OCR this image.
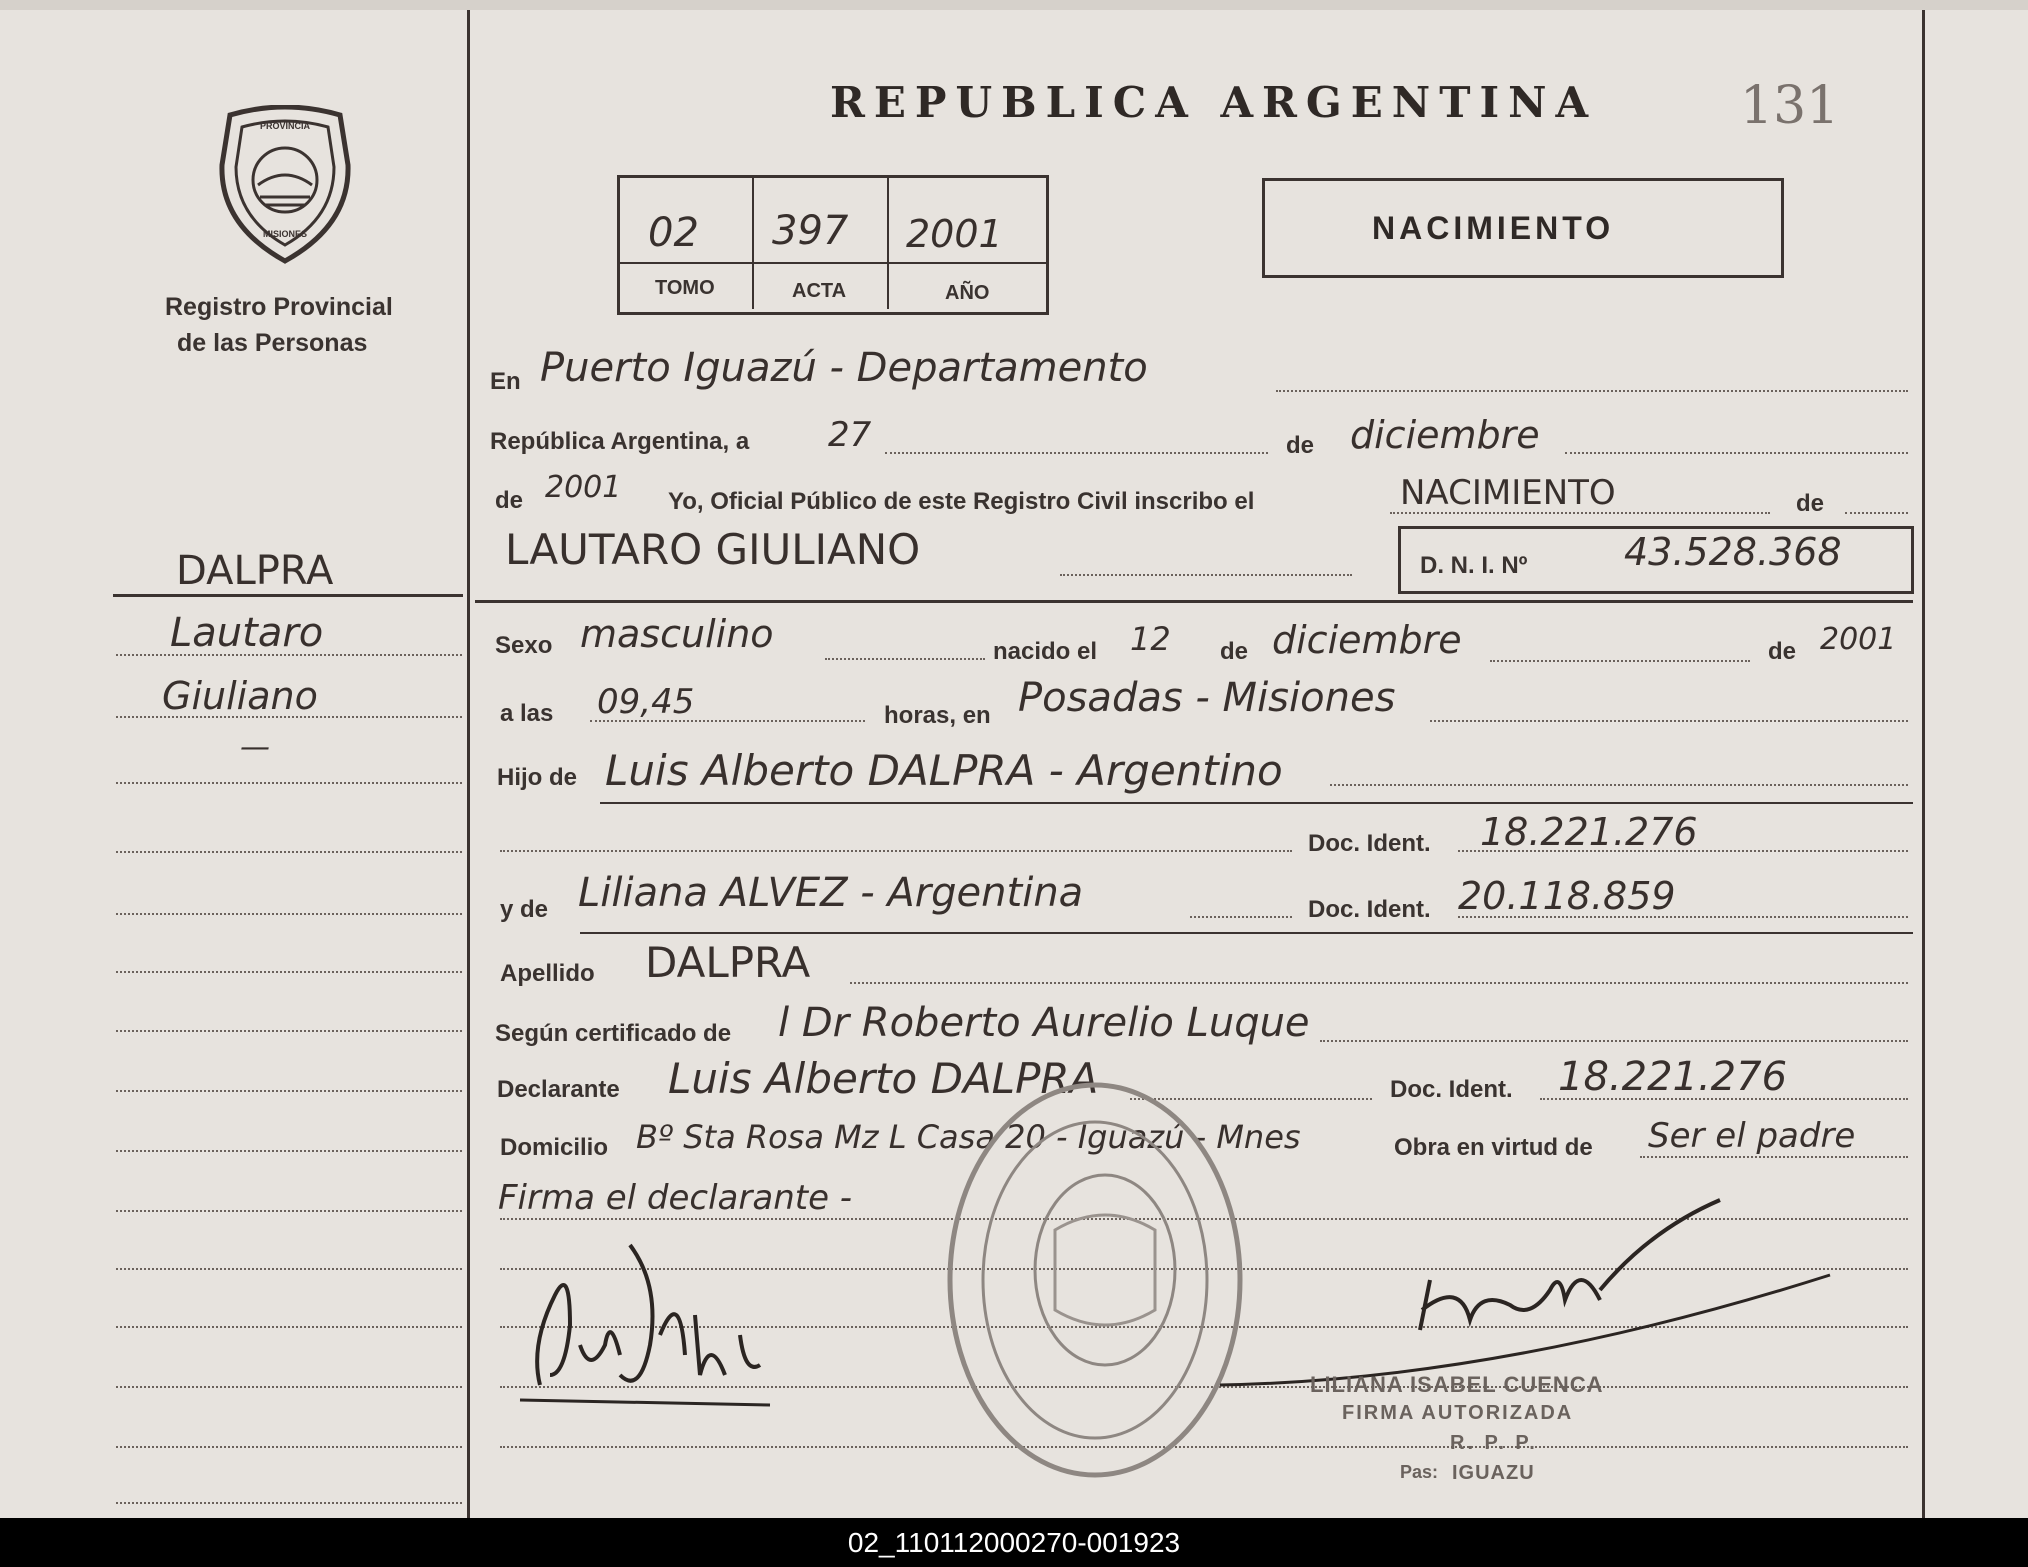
PROVINCIA
MISIONES
Registro Provincial
de las Personas
REPUBLICA ARGENTINA	131
02 397 2001
TOMO	ACTA	AÑO
NACIMIENTO
DALPRA
Lautaro
Giuliano
—
En Puerto Iguazú - Departamento
República Argentina, a 27	de diciembre
de 2001 Yo, Oficial Público de este Registro Civil inscribo el	NACIMIENTO	de
LAUTARO GIULIANO	D. N. I. Nº	43.528.368
Sexo masculino	nacido el 12 de diciembre	de 2001
a las 09,45	horas, en Posadas - Misiones
Hijo de Luis Alberto DALPRA - Argentino
Doc. Ident. 18.221.276
y de Liliana ALVEZ - Argentina	Doc. Ident. 20.118.859
Apellido DALPRA
Según certificado de l Dr Roberto Aurelio Luque
Declarante Luis Alberto DALPRA	Doc. Ident. 18.221.276
Domicilio Bº Sta Rosa Mz L Casa 20 - Iguazú - Mnes	Obra en virtud de Ser el padre
Firma el declarante -
LILIANA ISABEL CUENCA
FIRMA AUTORIZADA
R. P. P.
Pas: IGUAZU
02_110112000270-001923
